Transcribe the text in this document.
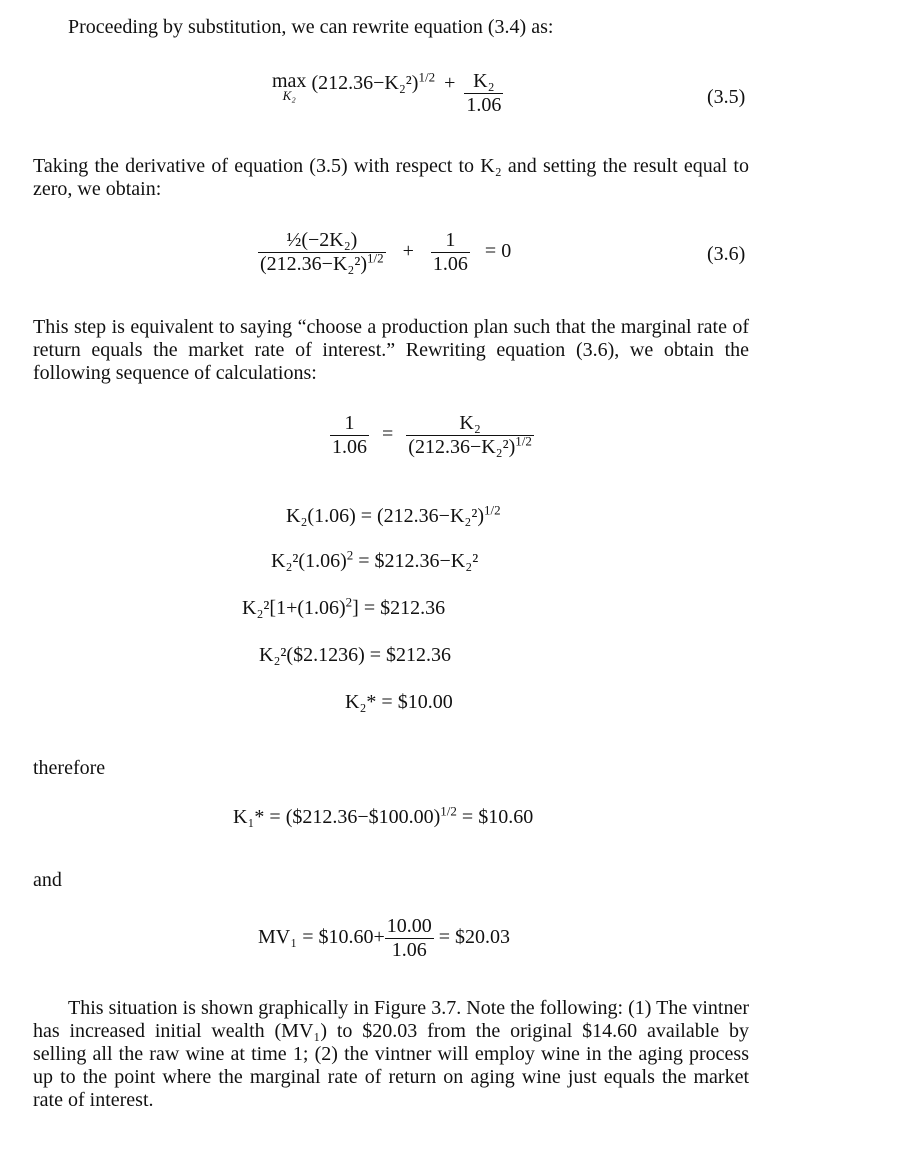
Proceeding by substitution, we can rewrite equation (3.4) as:
max
K₂
$(212.36-K_2^2)^{1/2} + \frac{\text{K₂}}{1.06}$	(3.5)
Taking the derivative of equation (3.5) with respect to K₂ and setting the result equal to zero, we obtain:
$\frac{\text{½(−2K₂)}}{(212.36-K_2^2)^{1/2}} + \frac{1}{1.06} = 0$	(3.6)
This step is equivalent to saying “choose a production plan such that the marginal rate of return equals the market rate of interest.” Rewriting equation (3.6), we obtain the following sequence of calculations:
$\frac{1}{1.06} = \frac{\text{K₂}}{(212.36-K_2^2)^{1/2}}$
$K_2(1.06) = (212.36-K_2^2)^{1/2}$
$K_2^2(1.06)^2$ = $212.36−K₂²
$K_2^2[1+(1.06)^2]$ = $212.36
K₂²($2.1236) = $212.36
K₂* = $10.00
therefore
K₁* = ($212.36−$100.00)$^{1/2}$ = $10.60
and
MV₁ = $10.60+ $\frac{10.00}{1.06}$ = $20.03
This situation is shown graphically in Figure 3.7. Note the following: (1) The vintner has increased initial wealth (MV₁) to $20.03 from the original $14.60 available by selling all the raw wine at time 1; (2) the vintner will employ wine in the aging process up to the point where the marginal rate of return on aging wine just equals the market rate of interest.
